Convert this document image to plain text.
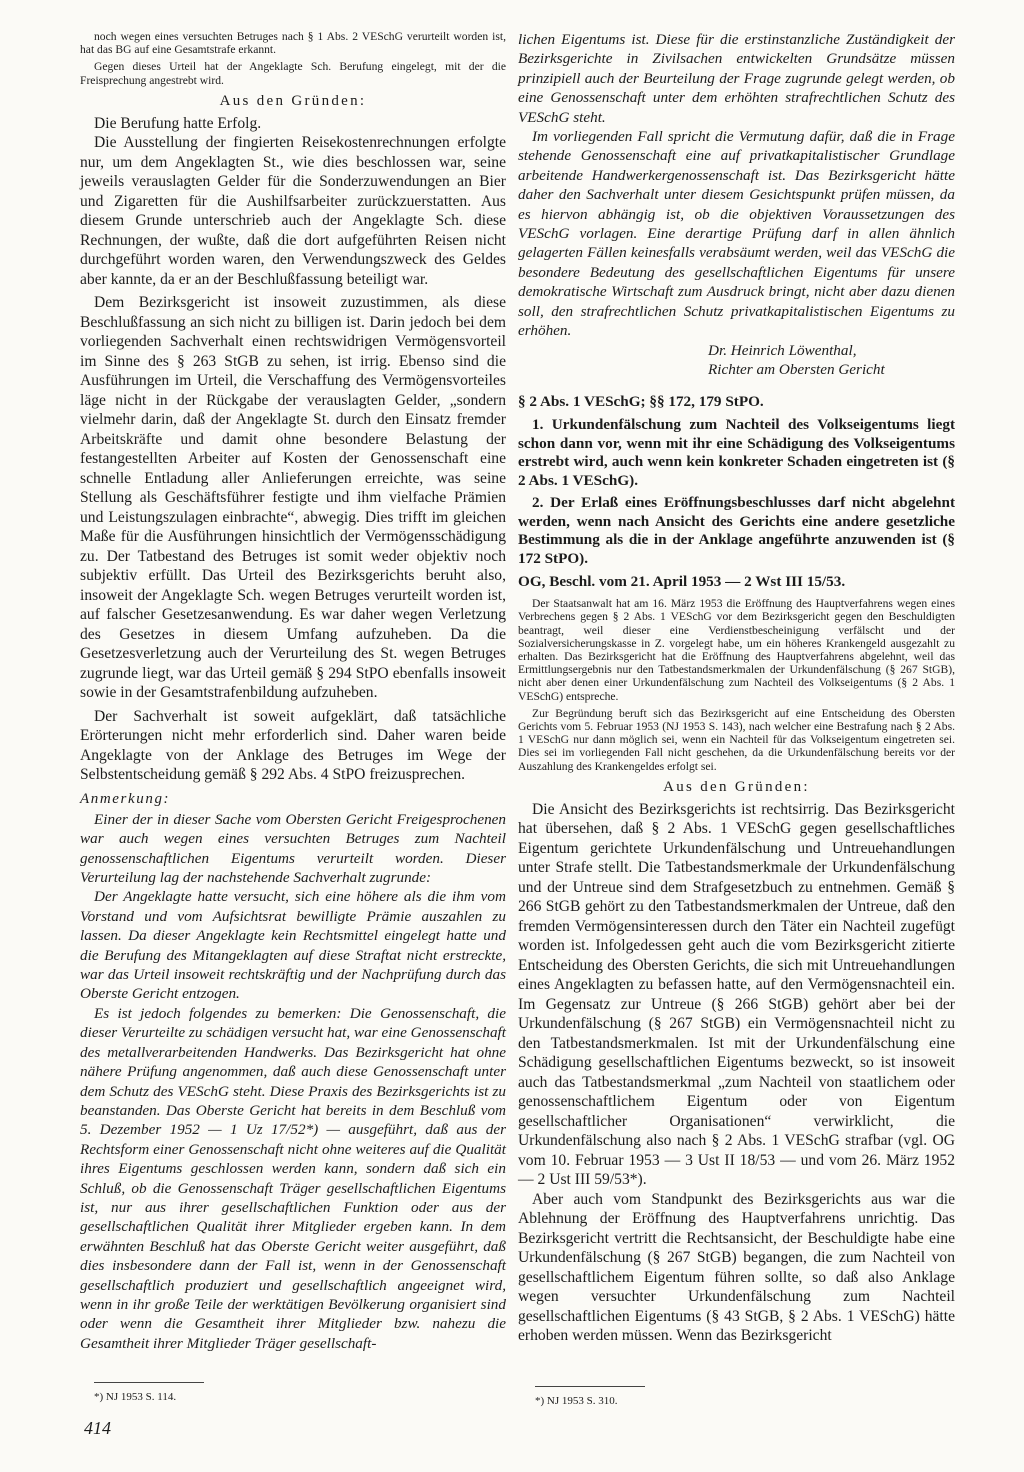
noch wegen eines versuchten Betruges nach § 1 Abs. 2 VESchG verurteilt worden ist, hat das BG auf eine Gesamtstrafe erkannt.

Gegen dieses Urteil hat der Angeklagte Sch. Berufung eingelegt, mit der die Freisprechung angestrebt wird.

Aus den Gründen:

Die Berufung hatte Erfolg.

Die Ausstellung der fingierten Reisekostenrechnungen erfolgte nur, um dem Angeklagten St., wie dies beschlossen war, seine jeweils verauslagten Gelder für die Sonderzuwendungen an Bier und Zigaretten für die Aushilfsarbeiter zurückzuerstatten. Aus diesem Grunde unterschrieb auch der Angeklagte Sch. diese Rechnungen, der wußte, daß die dort aufgeführten Reisen nicht durchgeführt worden waren, den Verwendungszweck des Geldes aber kannte, da er an der Beschlußfassung beteiligt war.

Dem Bezirksgericht ist insoweit zuzustimmen, als diese Beschlußfassung an sich nicht zu billigen ist. Darin jedoch bei dem vorliegenden Sachverhalt einen rechtswidrigen Vermögensvorteil im Sinne des § 263 StGB zu sehen, ist irrig. Ebenso sind die Ausführungen im Urteil, die Verschaffung des Vermögensvorteiles läge nicht in der Rückgabe der verauslagten Gelder, „sondern vielmehr darin, daß der Angeklagte St. durch den Einsatz fremder Arbeitskräfte und damit ohne besondere Belastung der festangestellten Arbeiter auf Kosten der Genossenschaft eine schnelle Entladung aller Anlieferungen erreichte, was seine Stellung als Geschäftsführer festigte und ihm vielfache Prämien und Leistungszulagen einbrachte“, abwegig. Dies trifft im gleichen Maße für die Ausführungen hinsichtlich der Vermögensschädigung zu. Der Tatbestand des Betruges ist somit weder objektiv noch subjektiv erfüllt. Das Urteil des Bezirksgerichts beruht also, insoweit der Angeklagte Sch. wegen Betruges verurteilt worden ist, auf falscher Gesetzesanwendung. Es war daher wegen Verletzung des Gesetzes in diesem Umfang aufzuheben. Da die Gesetzesverletzung auch der Verurteilung des St. wegen Betruges zugrunde liegt, war das Urteil gemäß § 294 StPO ebenfalls insoweit sowie in der Gesamtstrafenbildung aufzuheben.

Der Sachverhalt ist soweit aufgeklärt, daß tatsächliche Erörterungen nicht mehr erforderlich sind. Daher waren beide Angeklagte von der Anklage des Betruges im Wege der Selbstentscheidung gemäß § 292 Abs. 4 StPO freizusprechen.

Anmerkung:

Einer der in dieser Sache vom Obersten Gericht Freigesprochenen war auch wegen eines versuchten Betruges zum Nachteil genossenschaftlichen Eigentums verurteilt worden. Dieser Verurteilung lag der nachstehende Sachverhalt zugrunde:

Der Angeklagte hatte versucht, sich eine höhere als die ihm vom Vorstand und vom Aufsichtsrat bewilligte Prämie auszahlen zu lassen. Da dieser Angeklagte kein Rechtsmittel eingelegt hatte und die Berufung des Mitangeklagten auf diese Straftat nicht erstreckte, war das Urteil insoweit rechtskräftig und der Nachprüfung durch das Oberste Gericht entzogen.

Es ist jedoch folgendes zu bemerken: Die Genossenschaft, die dieser Verurteilte zu schädigen versucht hat, war eine Genossenschaft des metallverarbeitenden Handwerks. Das Bezirksgericht hat ohne nähere Prüfung angenommen, daß auch diese Genossenschaft unter dem Schutz des VESchG steht. Diese Praxis des Bezirksgerichts ist zu beanstanden. Das Oberste Gericht hat bereits in dem Beschluß vom 5. Dezember 1952 — 1 Uz 17/52*) — ausgeführt, daß aus der Rechtsform einer Genossenschaft nicht ohne weiteres auf die Qualität ihres Eigentums geschlossen werden kann, sondern daß sich ein Schluß, ob die Genossenschaft Träger gesellschaftlichen Eigentums ist, nur aus ihrer gesellschaftlichen Funktion oder aus der gesellschaftlichen Qualität ihrer Mitglieder ergeben kann. In dem erwähnten Beschluß hat das Oberste Gericht weiter ausgeführt, daß dies insbesondere dann der Fall ist, wenn in der Genossenschaft gesellschaftlich produziert und gesellschaftlich angeeignet wird, wenn in ihr große Teile der werktätigen Bevölkerung organisiert sind oder wenn die Gesamtheit ihrer Mitglieder bzw. nahezu die Gesamtheit ihrer Mitglieder Träger gesellschaft-

lichen Eigentums ist. Diese für die erstinstanzliche Zuständigkeit der Bezirksgerichte in Zivilsachen entwickelten Grundsätze müssen prinzipiell auch der Beurteilung der Frage zugrunde gelegt werden, ob eine Genossenschaft unter dem erhöhten strafrechtlichen Schutz des VESchG steht.

Im vorliegenden Fall spricht die Vermutung dafür, daß die in Frage stehende Genossenschaft eine auf privatkapitalistischer Grundlage arbeitende Handwerkergenossenschaft ist. Das Bezirksgericht hätte daher den Sachverhalt unter diesem Gesichtspunkt prüfen müssen, da es hiervon abhängig ist, ob die objektiven Voraussetzungen des VESchG vorlagen. Eine derartige Prüfung darf in allen ähnlich gelagerten Fällen keinesfalls verabsäumt werden, weil das VESchG die besondere Bedeutung des gesellschaftlichen Eigentums für unsere demokratische Wirtschaft zum Ausdruck bringt, nicht aber dazu dienen soll, den strafrechtlichen Schutz privatkapitalistischen Eigentums zu erhöhen.

Dr. Heinrich Löwenthal,

Richter am Obersten Gericht

§ 2 Abs. 1 VESchG; §§ 172, 179 StPO.

1. Urkundenfälschung zum Nachteil des Volkseigentums liegt schon dann vor, wenn mit ihr eine Schädigung des Volkseigentums erstrebt wird, auch wenn kein konkreter Schaden eingetreten ist (§ 2 Abs. 1 VESchG).

2. Der Erlaß eines Eröffnungsbeschlusses darf nicht abgelehnt werden, wenn nach Ansicht des Gerichts eine andere gesetzliche Bestimmung als die in der Anklage angeführte anzuwenden ist (§ 172 StPO).

OG, Beschl. vom 21. April 1953 — 2 Wst III 15/53.

Der Staatsanwalt hat am 16. März 1953 die Eröffnung des Hauptverfahrens wegen eines Verbrechens gegen § 2 Abs. 1 VESchG vor dem Bezirksgericht gegen den Beschuldigten beantragt, weil dieser eine Verdienstbescheinigung verfälscht und der Sozialversicherungskasse in Z. vorgelegt habe, um ein höheres Krankengeld ausgezahlt zu erhalten. Das Bezirksgericht hat die Eröffnung des Hauptverfahrens abgelehnt, weil das Ermittlungsergebnis nur den Tatbestandsmerkmalen der Urkundenfälschung (§ 267 StGB), nicht aber denen einer Urkundenfälschung zum Nachteil des Volkseigentums (§ 2 Abs. 1 VESchG) entspreche.

Zur Begründung beruft sich das Bezirksgericht auf eine Entscheidung des Obersten Gerichts vom 5. Februar 1953 (NJ 1953 S. 143), nach welcher eine Bestrafung nach § 2 Abs. 1 VESchG nur dann möglich sei, wenn ein Nachteil für das Volkseigentum eingetreten sei. Dies sei im vorliegenden Fall nicht geschehen, da die Urkundenfälschung bereits vor der Auszahlung des Krankengeldes erfolgt sei.

Aus den Gründen:

Die Ansicht des Bezirksgerichts ist rechtsirrig. Das Bezirksgericht hat übersehen, daß § 2 Abs. 1 VESchG gegen gesellschaftliches Eigentum gerichtete Urkundenfälschung und Untreuehandlungen unter Strafe stellt. Die Tatbestandsmerkmale der Urkundenfälschung und der Untreue sind dem Strafgesetzbuch zu entnehmen. Gemäß § 266 StGB gehört zu den Tatbestandsmerkmalen der Untreue, daß den fremden Vermögensinteressen durch den Täter ein Nachteil zugefügt worden ist. Infolgedessen geht auch die vom Bezirksgericht zitierte Entscheidung des Obersten Gerichts, die sich mit Untreuehandlungen eines Angeklagten zu befassen hatte, auf den Vermögensnachteil ein. Im Gegensatz zur Untreue (§ 266 StGB) gehört aber bei der Urkundenfälschung (§ 267 StGB) ein Vermögensnachteil nicht zu den Tatbestandsmerkmalen. Ist mit der Urkundenfälschung eine Schädigung gesellschaftlichen Eigentums bezweckt, so ist insoweit auch das Tatbestandsmerkmal „zum Nachteil von staatlichem oder genossenschaftlichem Eigentum oder von Eigentum gesellschaftlicher Organisationen“ verwirklicht, die Urkundenfälschung also nach § 2 Abs. 1 VESchG strafbar (vgl. OG vom 10. Februar 1953 — 3 Ust II 18/53 — und vom 26. März 1952 — 2 Ust III 59/53*).

Aber auch vom Standpunkt des Bezirksgerichts aus war die Ablehnung der Eröffnung des Hauptverfahrens unrichtig. Das Bezirksgericht vertritt die Rechtsansicht, der Beschuldigte habe eine Urkundenfälschung (§ 267 StGB) begangen, die zum Nachteil von gesellschaftlichem Eigentum führen sollte, so daß also Anklage wegen versuchter Urkundenfälschung zum Nachteil gesellschaftlichen Eigentums (§ 43 StGB, § 2 Abs. 1 VESchG) hätte erhoben werden müssen. Wenn das Bezirksgericht

*) NJ 1953 S. 114.	*) NJ 1953 S. 310.
414
